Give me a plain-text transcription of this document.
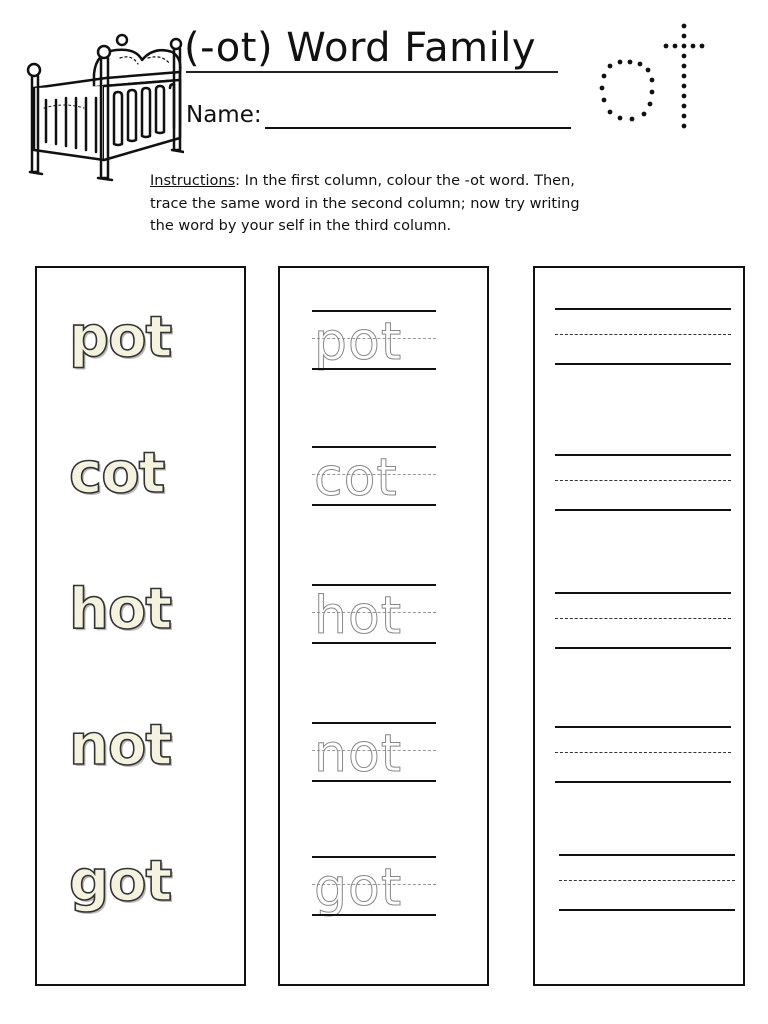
(-ot) Word Family
Name:
Instructions: In the first column, colour the -ot word. Then,
trace the same word in the second column; now try writing
the word by your self in the third column.
pot
cot
hot
not
got
pot
cot
hot
not
got
